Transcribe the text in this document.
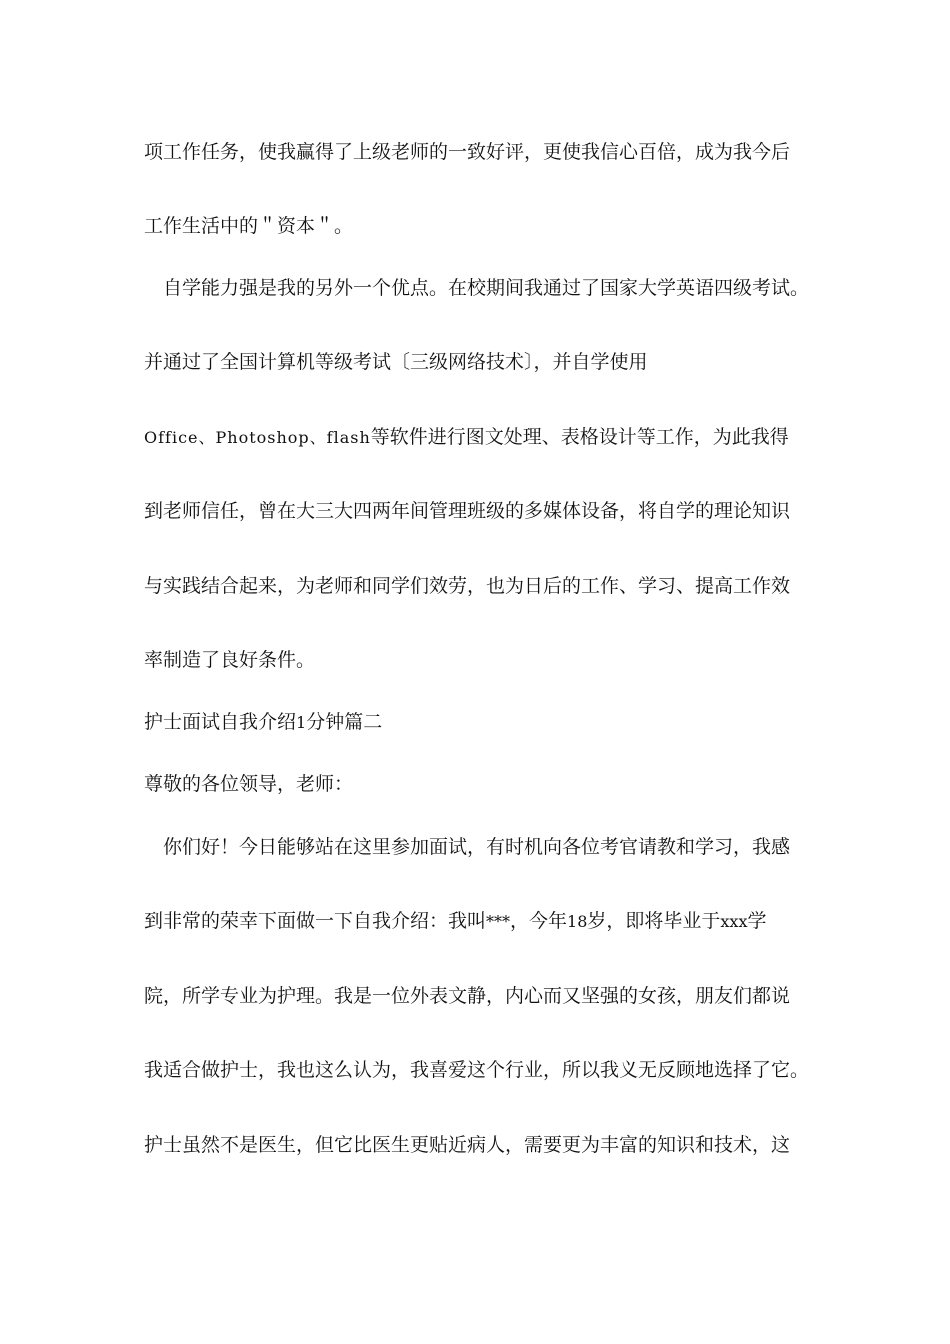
项工作任务，使我赢得了上级老师的一致好评，更使我信心百倍，成为我今后
工作生活中的＂资本＂。
　自学能力强是我的另外一个优点。在校期间我通过了国家大学英语四级考试。
并通过了全国计算机等级考试〔三级网络技术〕，并自学使用
Office、Photoshop、flash等软件进行图文处理、表格设计等工作，为此我得
到老师信任，曾在大三大四两年间管理班级的多媒体设备，将自学的理论知识
与实践结合起来，为老师和同学们效劳，也为日后的工作、学习、提高工作效
率制造了良好条件。
护士面试自我介绍1分钟篇二
尊敬的各位领导，老师：
　你们好！今日能够站在这里参加面试，有时机向各位考官请教和学习，我感
到非常的荣幸下面做一下自我介绍：我叫***，今年18岁，即将毕业于xxx学
院，所学专业为护理。我是一位外表文静，内心而又坚强的女孩，朋友们都说
我适合做护士，我也这么认为，我喜爱这个行业，所以我义无反顾地选择了它。
护士虽然不是医生，但它比医生更贴近病人，需要更为丰富的知识和技术，这
